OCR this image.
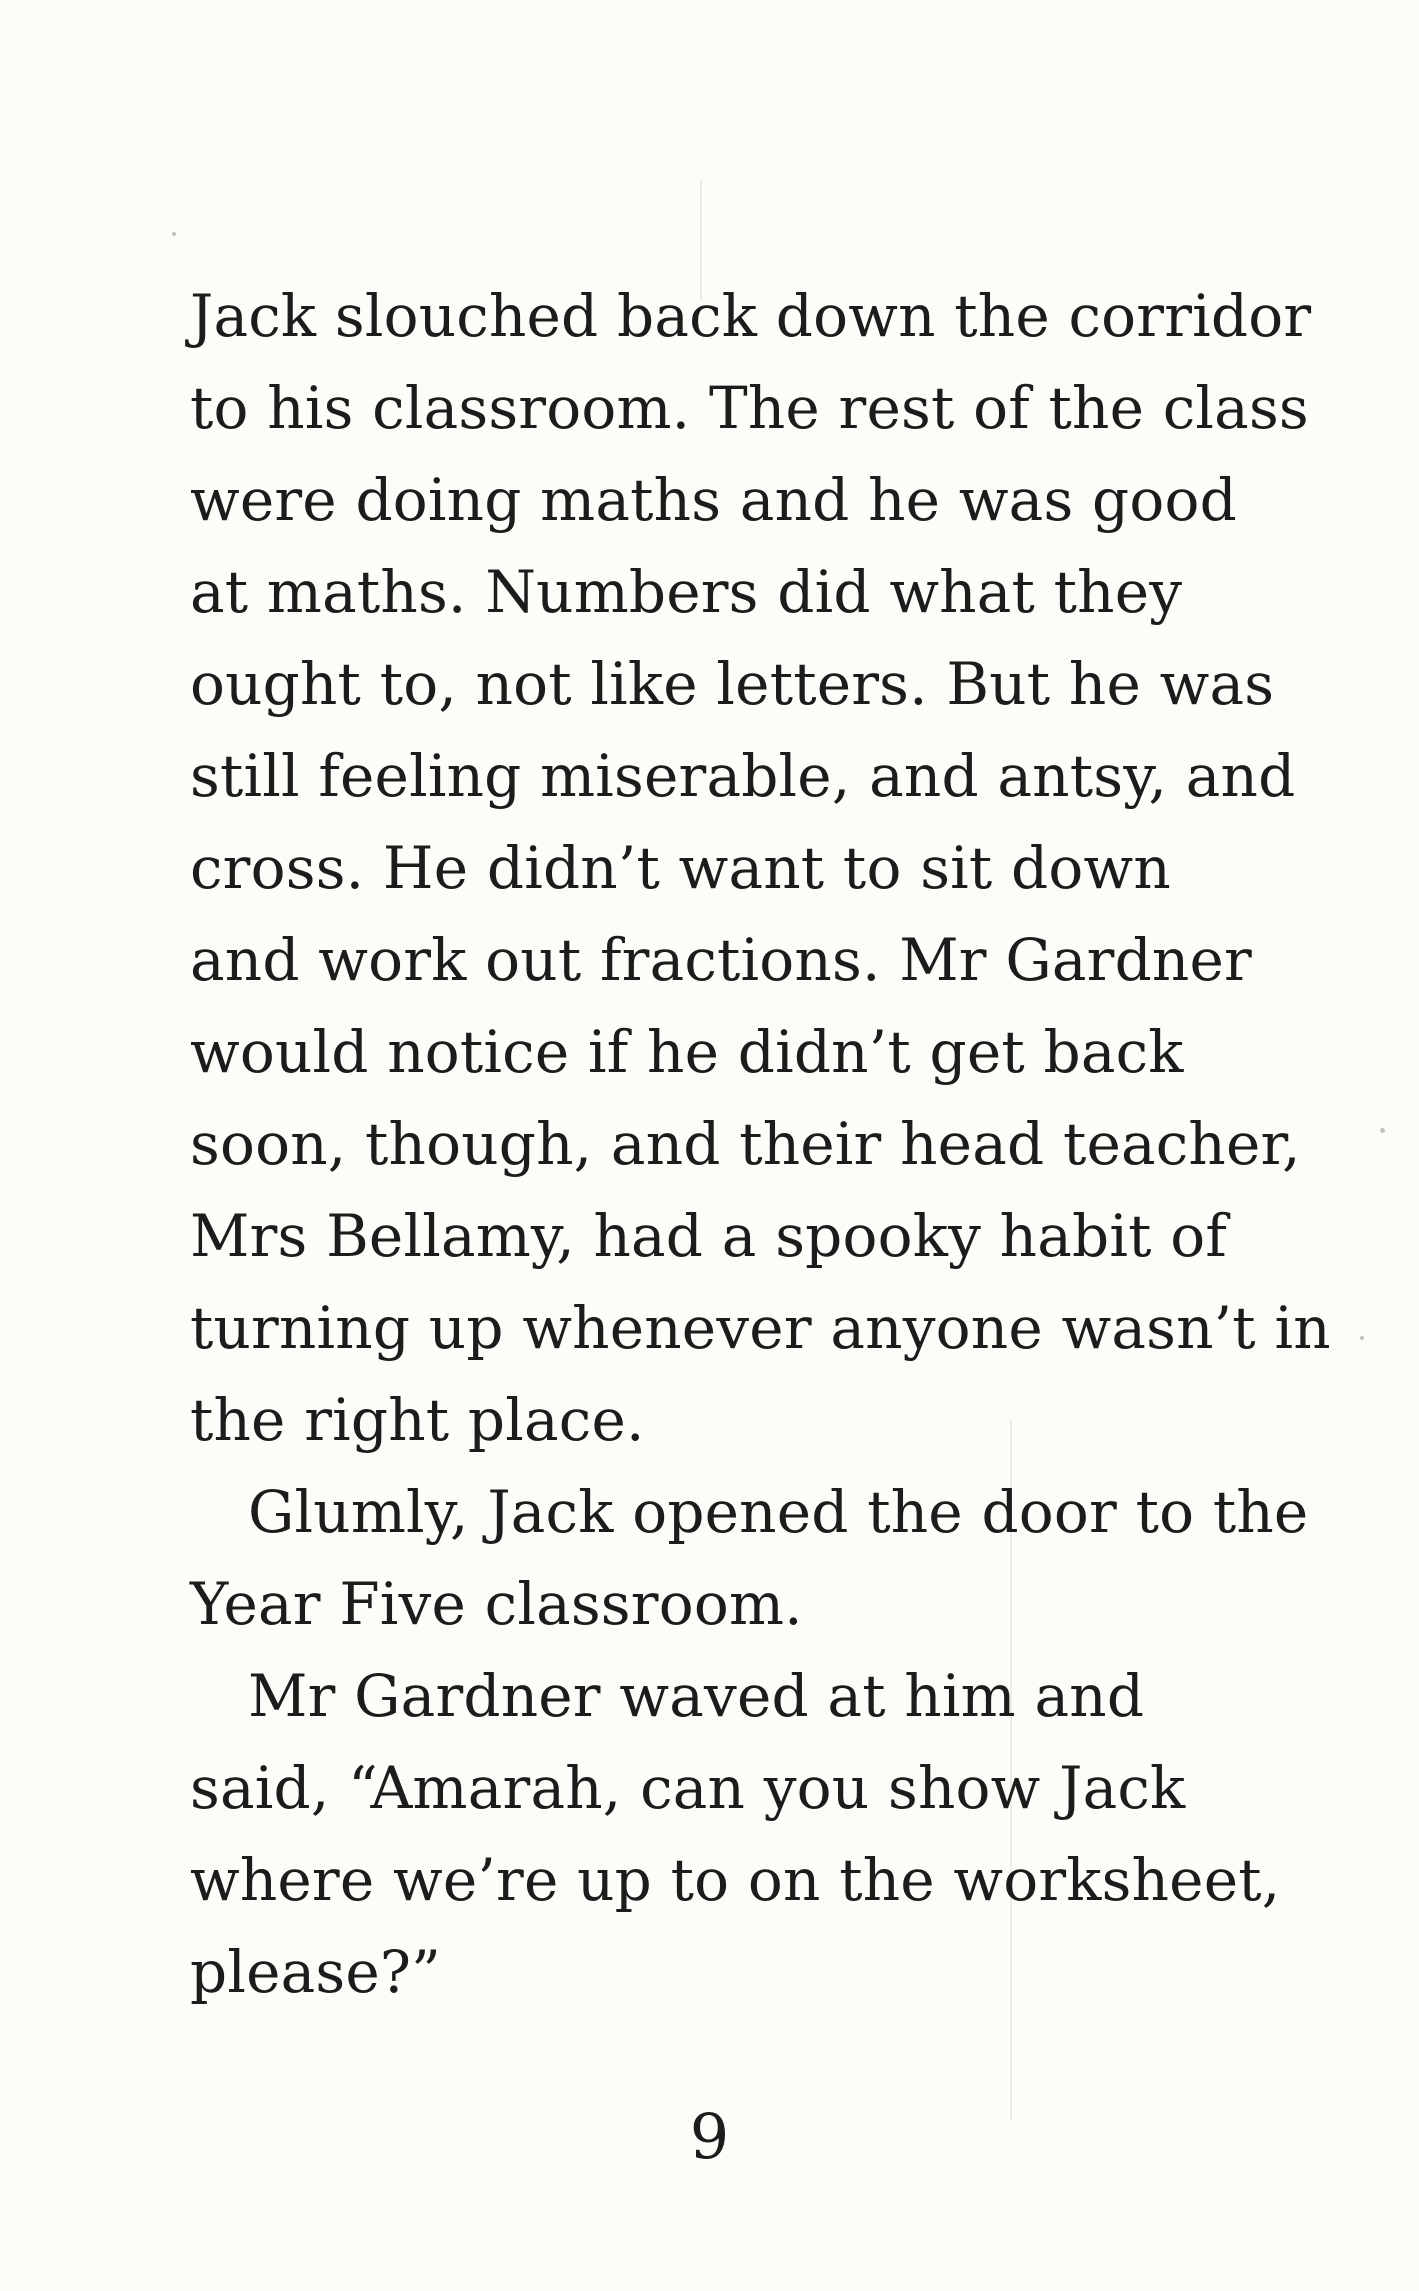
Jack slouched back down the corridor
to his classroom. The rest of the class
were doing maths and he was good
at maths. Numbers did what they
ought to, not like letters. But he was
still feeling miserable, and antsy, and
cross. He didn’t want to sit down
and work out fractions. Mr Gardner
would notice if he didn’t get back
soon, though, and their head teacher,
Mrs Bellamy, had a spooky habit of
turning up whenever anyone wasn’t in
the right place.
Glumly, Jack opened the door to the
Year Five classroom.
Mr Gardner waved at him and
said, “Amarah, can you show Jack
where we’re up to on the worksheet,
please?”
9
